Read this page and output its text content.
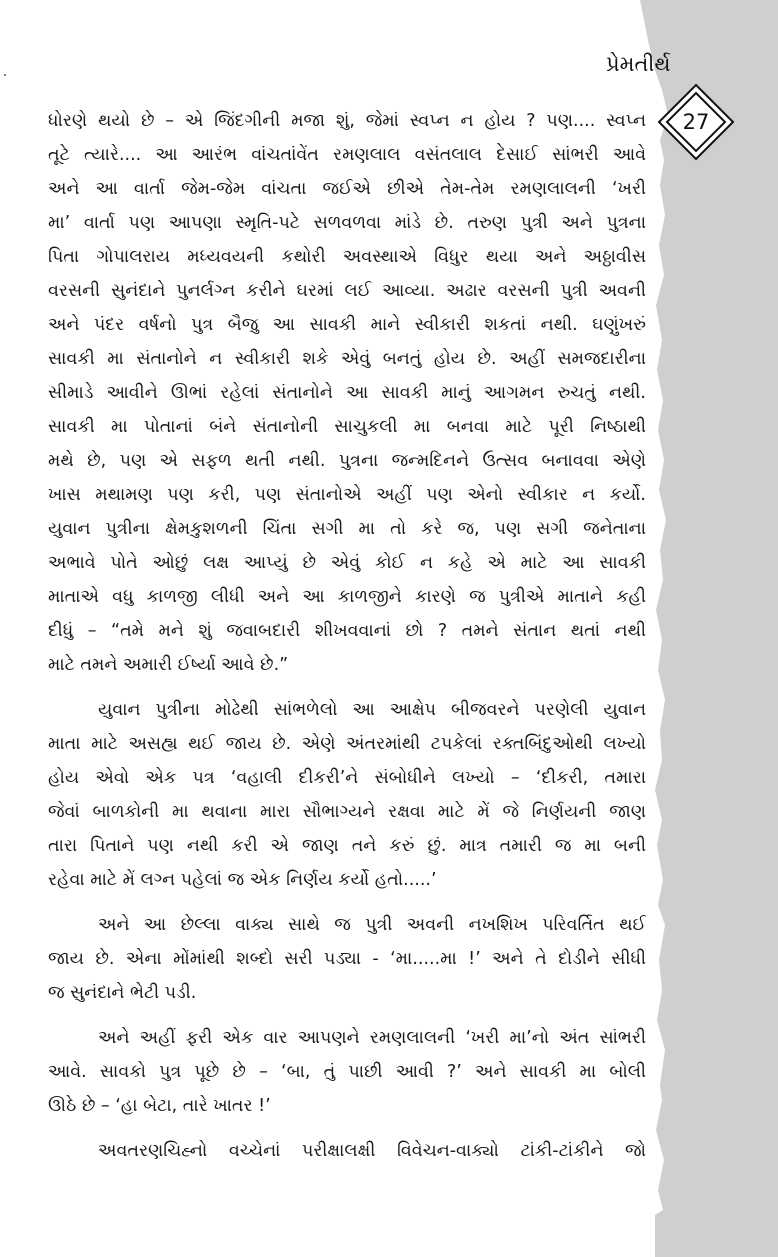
પ્રેમતીર્થ
27
ધોરણે થયો છે – એ જિંદગીની મજા શું, જેમાં સ્વપ્ન ન હોય ? પણ.... સ્વપ્ન
તૂટે ત્યારે.... આ આરંભ વાંચતાંવેંત રમણલાલ વસંતલાલ દેસાઈ સાંભરી આવે
અને આ વાર્તા જેમ-જેમ વાંચતા જઈએ છીએ તેમ-તેમ રમણલાલની ‘ખરી
મા’ વાર્તા પણ આપણા સ્મૃતિ-પટે સળવળવા માંડે છે. તરુણ પુત્રી અને પુત્રના
પિતા ગોપાલરાય મધ્યવયની કથોરી અવસ્થાએ વિધુર થયા અને અઠ્ઠાવીસ
વરસની સુનંદાને પુનર્લગ્ન કરીને ઘરમાં લઈ આવ્યા. અઢાર વરસની પુત્રી અવની
અને પંદર વર્ષનો પુત્ર બૈજુ આ સાવકી માને સ્વીકારી શકતાં નથી. ઘણુંખરું
સાવકી મા સંતાનોને ન સ્વીકારી શકે એવું બનતું હોય છે. અહીં સમજદારીના
સીમાડે આવીને ઊભાં રહેલાં સંતાનોને આ સાવકી માનું આગમન રુચતું નથી.
સાવકી મા પોતાનાં બંને સંતાનોની સાચુકલી મા બનવા માટે પૂરી નિષ્ઠાથી
મથે છે, પણ એ સફળ થતી નથી. પુત્રના જન્મદિનને ઉત્સવ બનાવવા એણે
ખાસ મથામણ પણ કરી, પણ સંતાનોએ અહીં પણ એનો સ્વીકાર ન કર્યો.
યુવાન પુત્રીના ક્ષેમકુશળની ચિંતા સગી મા તો કરે જ, પણ સગી જનેતાના
અભાવે પોતે ઓછું લક્ષ આપ્યું છે એવું કોઈ ન કહે એ માટે આ સાવકી
માતાએ વધુ કાળજી લીધી અને આ કાળજીને કારણે જ પુત્રીએ માતાને કહી
દીધું – “તમે મને શું જવાબદારી શીખવવાનાં છો ? તમને સંતાન થતાં નથી
માટે તમને અમારી ઈર્ષ્યા આવે છે.”
યુવાન પુત્રીના મોઢેથી સાંભળેલો આ આક્ષેપ બીજવરને પરણેલી યુવાન
માતા માટે અસહ્ય થઈ જાય છે. એણે અંતરમાંથી ટપકેલાં રક્તબિંદુઓથી લખ્યો
હોય એવો એક પત્ર ‘વહાલી દીકરી’ને સંબોધીને લખ્યો – ‘દીકરી, તમારા
જેવાં બાળકોની મા થવાના મારા સૌભાગ્યને રક્ષવા માટે મેં જે નિર્ણયની જાણ
તારા પિતાને પણ નથી કરી એ જાણ તને કરું છું. માત્ર તમારી જ મા બની
રહેવા માટે મેં લગ્ન પહેલાં જ એક નિર્ણય કર્યો હતો.....’
અને આ છેલ્લા વાક્ય સાથે જ પુત્રી અવની નખશિખ પરિવર્તિત થઈ
જાય છે. એના મોંમાંથી શબ્દો સરી પડ્યા - ‘મા.....મા !’ અને તે દોડીને સીધી
જ સુનંદાને ભેટી પડી.
અને અહીં ફરી એક વાર આપણને રમણલાલની ‘ખરી મા’નો અંત સાંભરી
આવે. સાવકો પુત્ર પૂછે છે – ‘બા, તું પાછી આવી ?’ અને સાવકી મા બોલી
ઊઠે છે – ‘હા બેટા, તારે ખાતર !’
અવતરણચિહ્નો વચ્ચેનાં પરીક્ષાલક્ષી વિવેચન-વાક્યો ટાંકી-ટાંકીને જો
